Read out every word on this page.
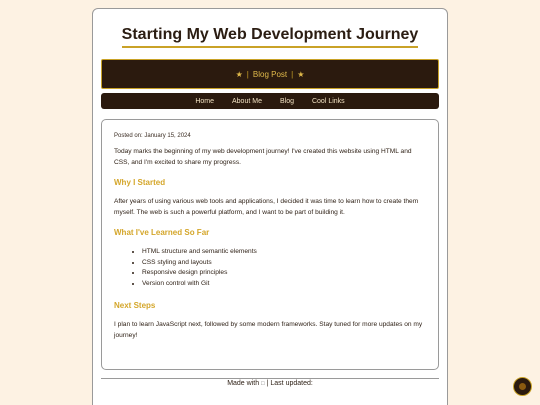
Starting My Web Development Journey
★ | Blog Post | ★
Home	About Me	Blog	Cool Links

Posted on: January 15, 2024

Today marks the beginning of my web development journey! I've created this website using HTML and CSS, and I'm excited to share my progress.

Why I Started

After years of using various web tools and applications, I decided it was time to learn how to create them myself. The web is such a powerful platform, and I want to be part of building it.

What I've Learned So Far
• HTML structure and semantic elements
• CSS styling and layouts
• Responsive design principles
• Version control with Git
Next Steps

I plan to learn JavaScript next, followed by some modern frameworks. Stay tuned for more updates on my journey!

Made with □ | Last updated:
